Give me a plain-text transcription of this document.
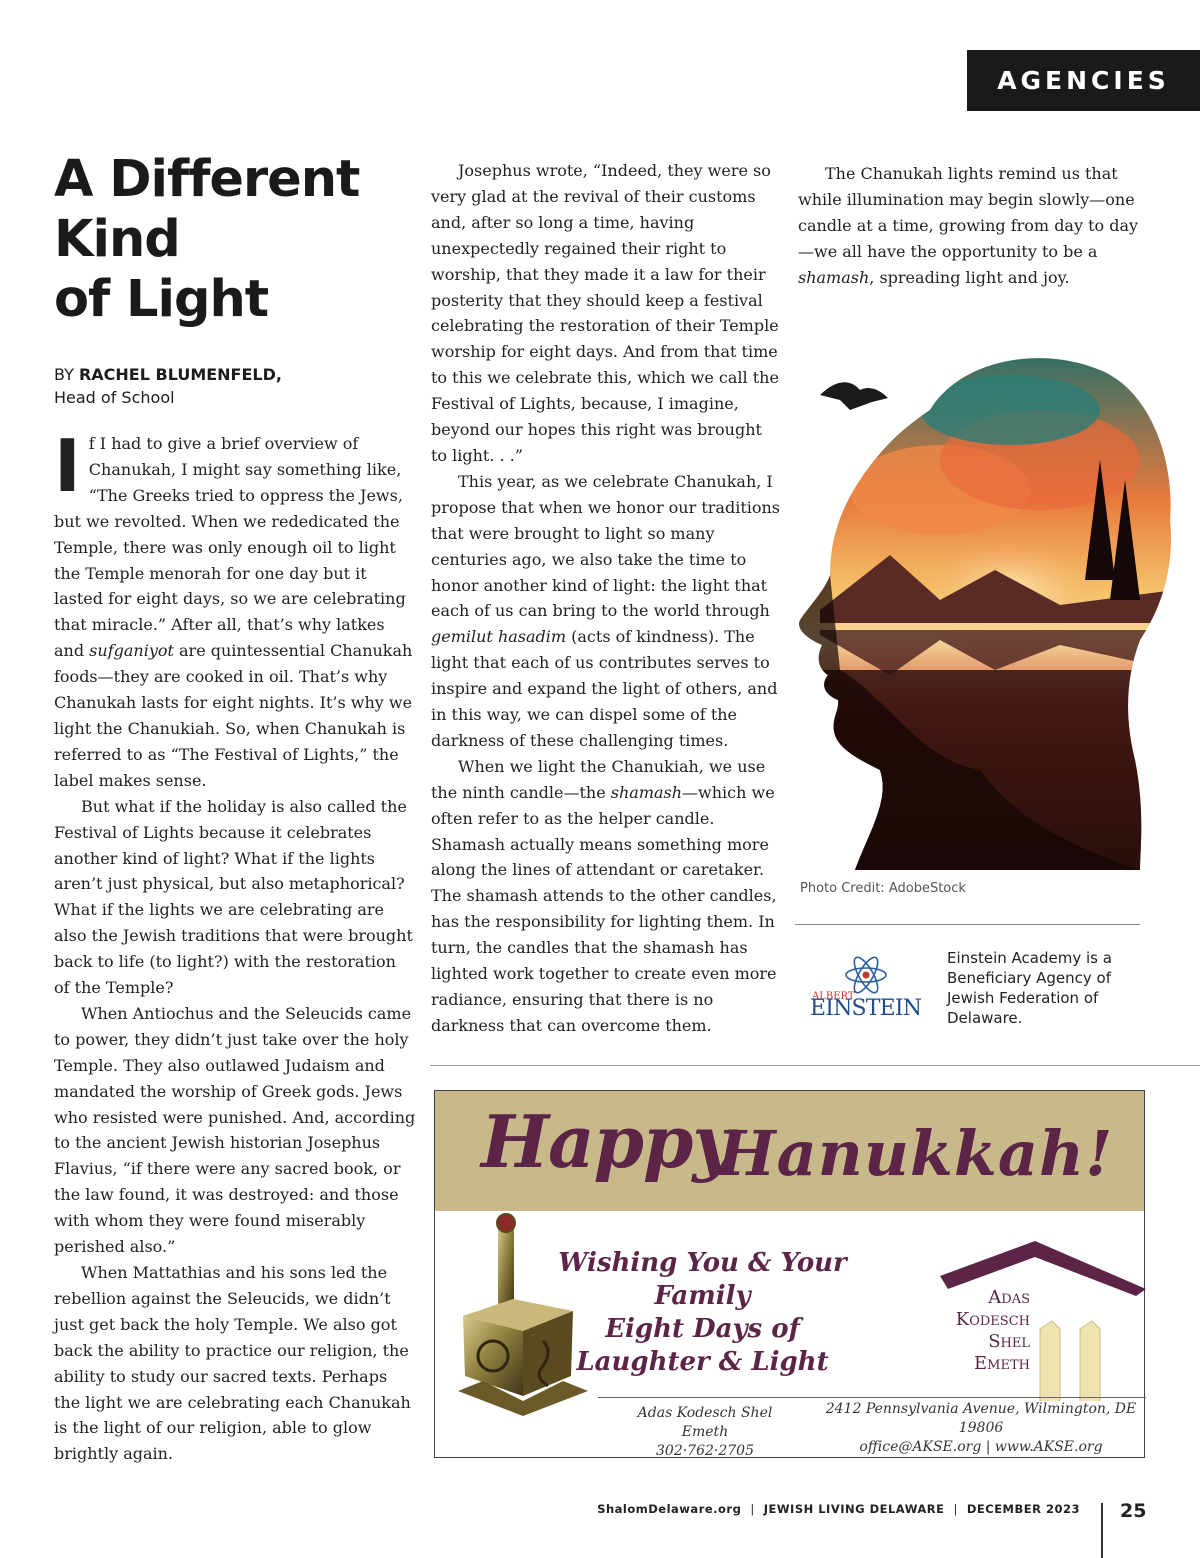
AGENCIES
A Different
Kind
of Light
BY RACHEL BLUMENFELD,
Head of School

If I had to give a brief overview of Chanukah, I might say something like, “The Greeks tried to oppress the Jews, but we revolted. When we rededicated the Temple, there was only enough oil to light the Temple menorah for one day but it lasted for eight days, so we are celebrating that miracle.” After all, that’s why latkes and sufganiyot are quintessential Chanukah foods—they are cooked in oil. That’s why Chanukah lasts for eight nights. It’s why we light the Chanukiah. So, when Chanukah is referred to as “The Festival of Lights,” the label makes sense.

But what if the holiday is also called the Festival of Lights because it celebrates another kind of light? What if the lights aren’t just physical, but also metaphorical? What if the lights we are celebrating are also the Jewish traditions that were brought back to life (to light?) with the restoration of the Temple?

When Antiochus and the Seleucids came to power, they didn’t just take over the holy Temple. They also outlawed Judaism and mandated the worship of Greek gods. Jews who resisted were punished. And, according to the ancient Jewish historian Josephus Flavius, “if there were any sacred book, or the law found, it was destroyed: and those with whom they were found miserably perished also.”

When Mattathias and his sons led the rebellion against the Seleucids, we didn’t just get back the holy Temple. We also got back the ability to practice our religion, the ability to study our sacred texts. Perhaps the light we are celebrating each Chanukah is the light of our religion, able to glow brightly again.

Josephus wrote, “Indeed, they were so very glad at the revival of their customs and, after so long a time, having unexpectedly regained their right to worship, that they made it a law for their posterity that they should keep a festival celebrating the restoration of their Temple worship for eight days. And from that time to this we celebrate this, which we call the Festival of Lights, because, I imagine, beyond our hopes this right was brought to light. . .”

This year, as we celebrate Chanukah, I propose that when we honor our traditions that were brought to light so many centuries ago, we also take the time to honor another kind of light: the light that each of us can bring to the world through gemilut hasadim (acts of kindness). The light that each of us contributes serves to inspire and expand the light of others, and in this way, we can dispel some of the darkness of these challenging times.

When we light the Chanukiah, we use the ninth candle—the shamash—which we often refer to as the helper candle. Shamash actually means something more along the lines of attendant or caretaker. The shamash attends to the other candles, has the responsibility for lighting them. In turn, the candles that the shamash has lighted work together to create even more radiance, ensuring that there is no darkness that can overcome them.

The Chanukah lights remind us that while illumination may begin slowly—one candle at a time, growing from day to day—we all have the opportunity to be a shamash, spreading light and joy.

Photo Credit: AdobeStock
ALBERT
EINSTEIN
Einstein Academy is a Beneficiary Agency of Jewish Federation of Delaware.
Happy
Hanukkah!
Wishing You & Your Family
Eight Days of
Laughter & Light
Adas
Kodesch
Shel
Emeth
Adas Kodesch Shel Emeth
302·762·2705
2412 Pennsylvania Avenue, Wilmington, DE 19806
office@AKSE.org | www.AKSE.org
ShalomDelaware.org | JEWISH LIVING DELAWARE | DECEMBER 2023 25
